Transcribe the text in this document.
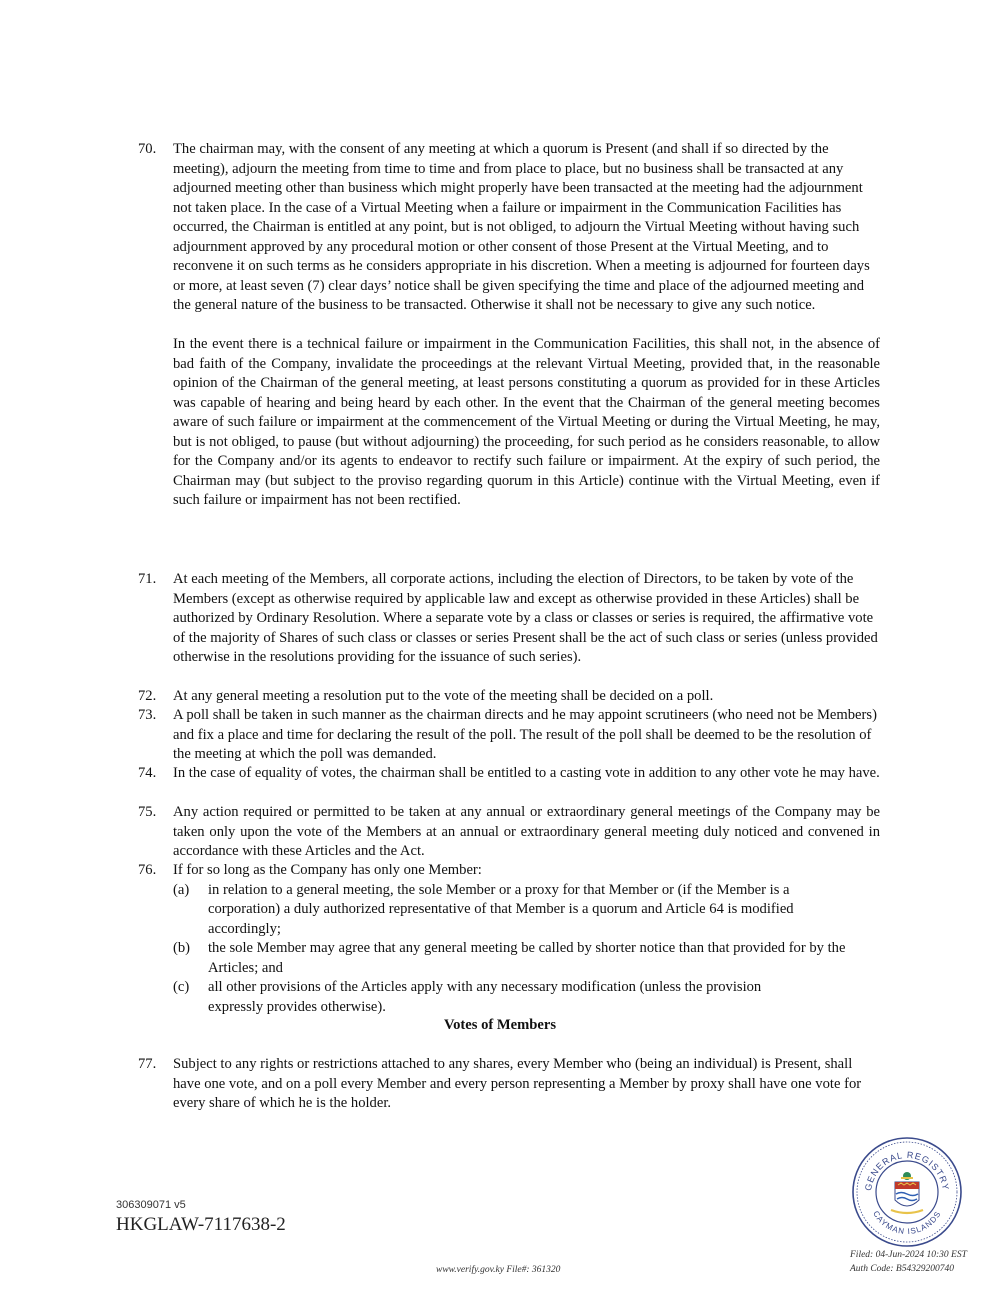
70.	The chairman may, with the consent of any meeting at which a quorum is Present (and shall if so directed by the meeting), adjourn the meeting from time to time and from place to place, but no business shall be transacted at any adjourned meeting other than business which might properly have been transacted at the meeting had the adjournment not taken place. In the case of a Virtual Meeting when a failure or impairment in the Communication Facilities has occurred, the Chairman is entitled at any point, but is not obliged, to adjourn the Virtual Meeting without having such adjournment approved by any procedural motion or other consent of those Present at the Virtual Meeting, and to reconvene it on such terms as he considers appropriate in his discretion. When a meeting is adjourned for fourteen days or more, at least seven (7) clear days’ notice shall be given specifying the time and place of the adjourned meeting and the general nature of the business to be transacted. Otherwise it shall not be necessary to give any such notice.

In the event there is a technical failure or impairment in the Communication Facilities, this shall not, in the absence of bad faith of the Company, invalidate the proceedings at the relevant Virtual Meeting, provided that, in the reasonable opinion of the Chairman of the general meeting, at least persons constituting a quorum as provided for in these Articles was capable of hearing and being heard by each other. In the event that the Chairman of the general meeting becomes aware of such failure or impairment at the commencement of the Virtual Meeting or during the Virtual Meeting, he may, but is not obliged, to pause (but without adjourning) the proceeding, for such period as he considers reasonable, to allow for the Company and/or its agents to endeavor to rectify such failure or impairment. At the expiry of such period, the Chairman may (but subject to the proviso regarding quorum in this Article) continue with the Virtual Meeting, even if such failure or impairment has not been rectified.

71.	At each meeting of the Members, all corporate actions, including the election of Directors, to be taken by vote of the Members (except as otherwise required by applicable law and except as otherwise provided in these Articles) shall be authorized by Ordinary Resolution. Where a separate vote by a class or classes or series is required, the affirmative vote of the majority of Shares of such class or classes or series Present shall be the act of such class or series (unless provided otherwise in the resolutions providing for the issuance of such series).

72.	At any general meeting a resolution put to the vote of the meeting shall be decided on a poll.

73.	A poll shall be taken in such manner as the chairman directs and he may appoint scrutineers (who need not be Members) and fix a place and time for declaring the result of the poll. The result of the poll shall be deemed to be the resolution of the meeting at which the poll was demanded.

74.	In the case of equality of votes, the chairman shall be entitled to a casting vote in addition to any other vote he may have.

75.	Any action required or permitted to be taken at any annual or extraordinary general meetings of the Company may be taken only upon the vote of the Members at an annual or extraordinary general meeting duly noticed and convened in accordance with these Articles and the Act.

76.	If for so long as the Company has only one Member:

(a) in relation to a general meeting, the sole Member or a proxy for that Member or (if the Member is a corporation) a duly authorized representative of that Member is a quorum and Article 64 is modified accordingly;
(b) the sole Member may agree that any general meeting be called by shorter notice than that provided for by the Articles; and
(c) all other provisions of the Articles apply with any necessary modification (unless the provision expressly provides otherwise).
Votes of Members
77.	Subject to any rights or restrictions attached to any shares, every Member who (being an individual) is Present, shall have one vote, and on a poll every Member and every person representing a Member by proxy shall have one vote for every share of which he is the holder.

306309071 v5
HKGLAW-7117638-2
www.verify.gov.ky File#: 361320
Filed: 04-Jun-2024 10:30 EST
Auth Code: B54329200740
GENERAL REGISTRY
CAYMAN ISLANDS
